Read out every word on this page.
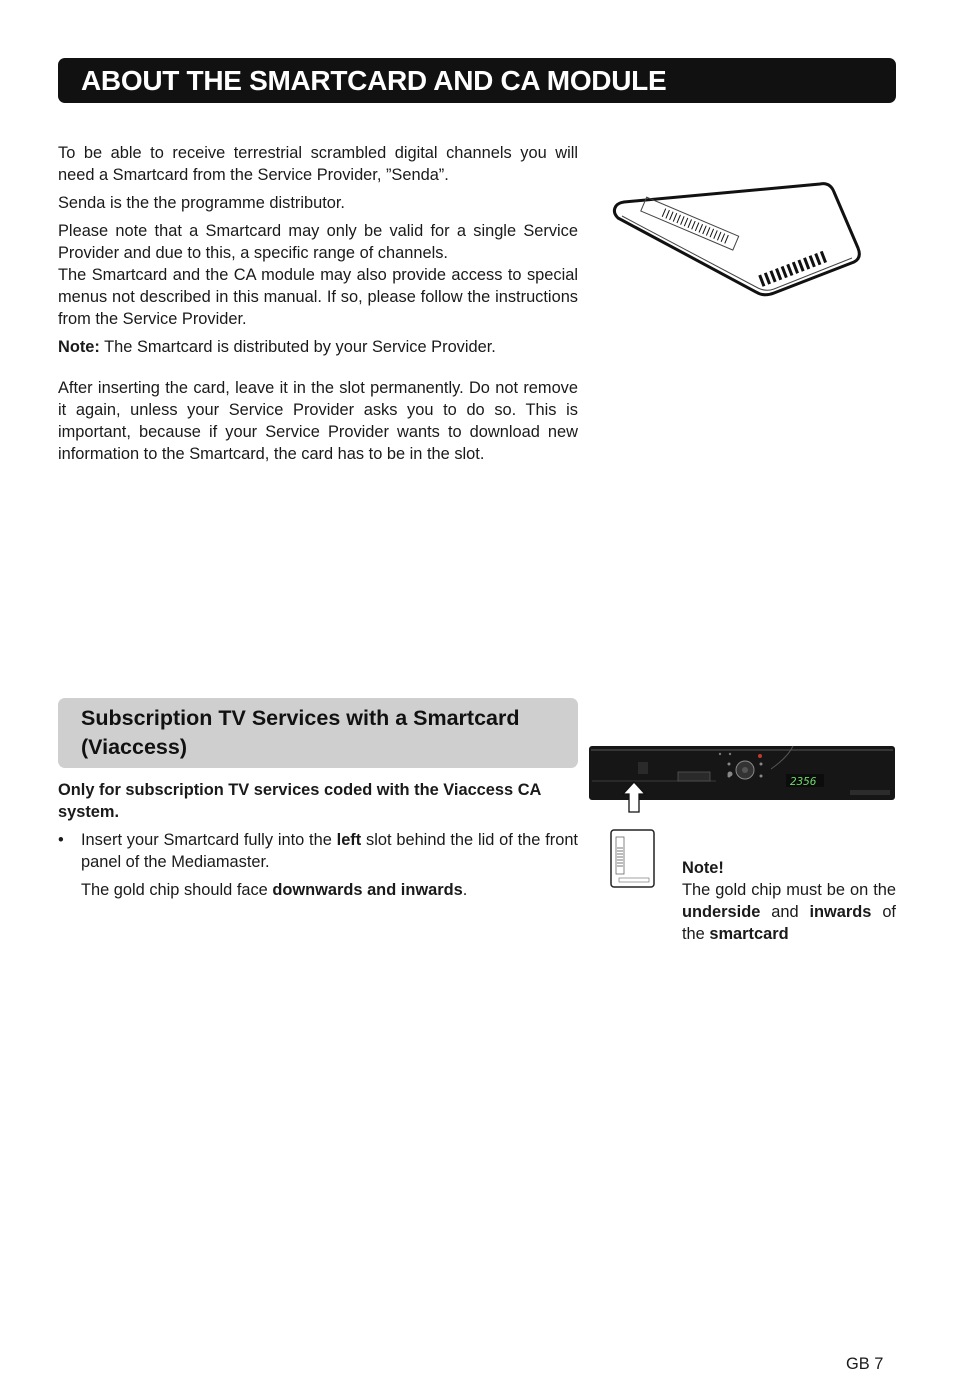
ABOUT THE SMARTCARD AND CA MODULE

To be able to receive terrestrial scrambled digital channels you will need a Smartcard from the Service Provider, ”Senda”.

Senda is the the programme distributor.

Please note that a Smartcard may only be valid for a single Service Provider and due to this, a specific range of channels.
The Smartcard and the CA module may also provide access to special menus not described in this manual. If so, please follow the instructions from the Service Provider.

Note: The Smartcard is distributed by your Service Provider.

After inserting the card, leave it in the slot permanently. Do not remove it again, unless your Service Provider asks you to do so. This is important, because if your Service Provider wants to download new information to the Smartcard, the card has to be in the slot.

Subscription TV Services with a Smartcard
(Viaccess)

Only for subscription TV services coded with the Viaccess CA system.

• Insert your Smartcard fully into the left slot behind the lid of the front panel of the Mediamaster.

The gold chip should face downwards and inwards.

2356
Note!
The gold chip must be on the underside and inwards of the smartcard
GB 7
